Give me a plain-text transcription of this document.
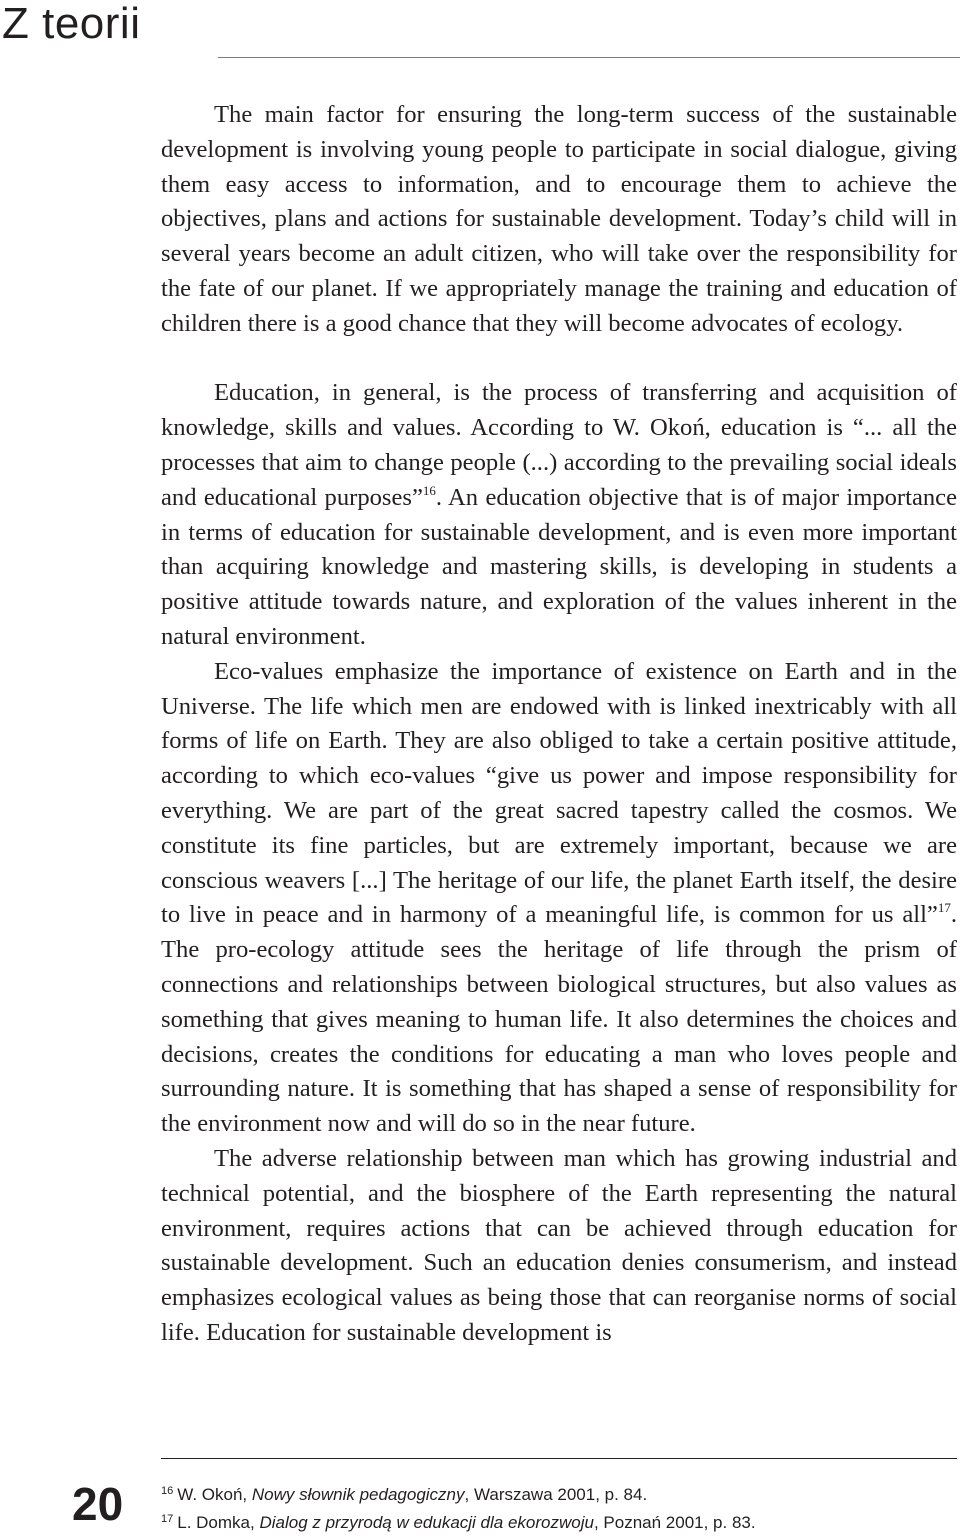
Z teorii

The main factor for ensuring the long-term success of the sustainable development is involving young people to participate in social dialogue, giving them easy access to information, and to encourage them to achieve the objectives, plans and actions for sustainable development. Today’s child will in several years become an adult citizen, who will take over the responsibility for the fate of our planet. If we appropriately manage the training and education of children there is a good chance that they will become advocates of ecology.

Education, in general, is the process of transferring and acquisition of knowledge, skills and values. According to W. Okoń, education is “... all the processes that aim to change people (...) according to the prevailing social ideals and educational purposes”$^{16}$. An education objective that is of major importance in terms of education for sustainable development, and is even more important than acquiring knowledge and mastering skills, is developing in students a positive attitude towards nature, and exploration of the values inherent in the natural environment.

Eco-values emphasize the importance of existence on Earth and in the Universe. The life which men are endowed with is linked inextricably with all forms of life on Earth. They are also obliged to take a certain positive attitude, according to which eco-values “give us power and impose responsibility for everything. We are part of the great sacred tapestry called the cosmos. We constitute its fine particles, but are extremely important, because we are conscious weavers [...] The heritage of our life, the planet Earth itself, the desire to live in peace and in harmony of a meaningful life, is common for us all”$^{17}$. The pro-ecology attitude sees the heritage of life through the prism of connections and relationships between biological structures, but also values as something that gives meaning to human life. It also determines the choices and decisions, creates the conditions for educating a man who loves people and surrounding nature. It is something that has shaped a sense of responsibility for the environment now and will do so in the near future.

The adverse relationship between man which has growing industrial and technical potential, and the biosphere of the Earth representing the natural environment, requires actions that can be achieved through education for sustainable development. Such an education denies consumerism, and instead emphasizes ecological values as being those that can reorganise norms of social life. Education for sustainable development is

20	$^{16}$ W. Okoń, Nowy słownik pedagogiczny, Warszawa 2001, p. 84.

$^{17}$ L. Domka, Dialog z przyrodą w edukacji dla ekorozwoju, Poznań 2001, p. 83.
